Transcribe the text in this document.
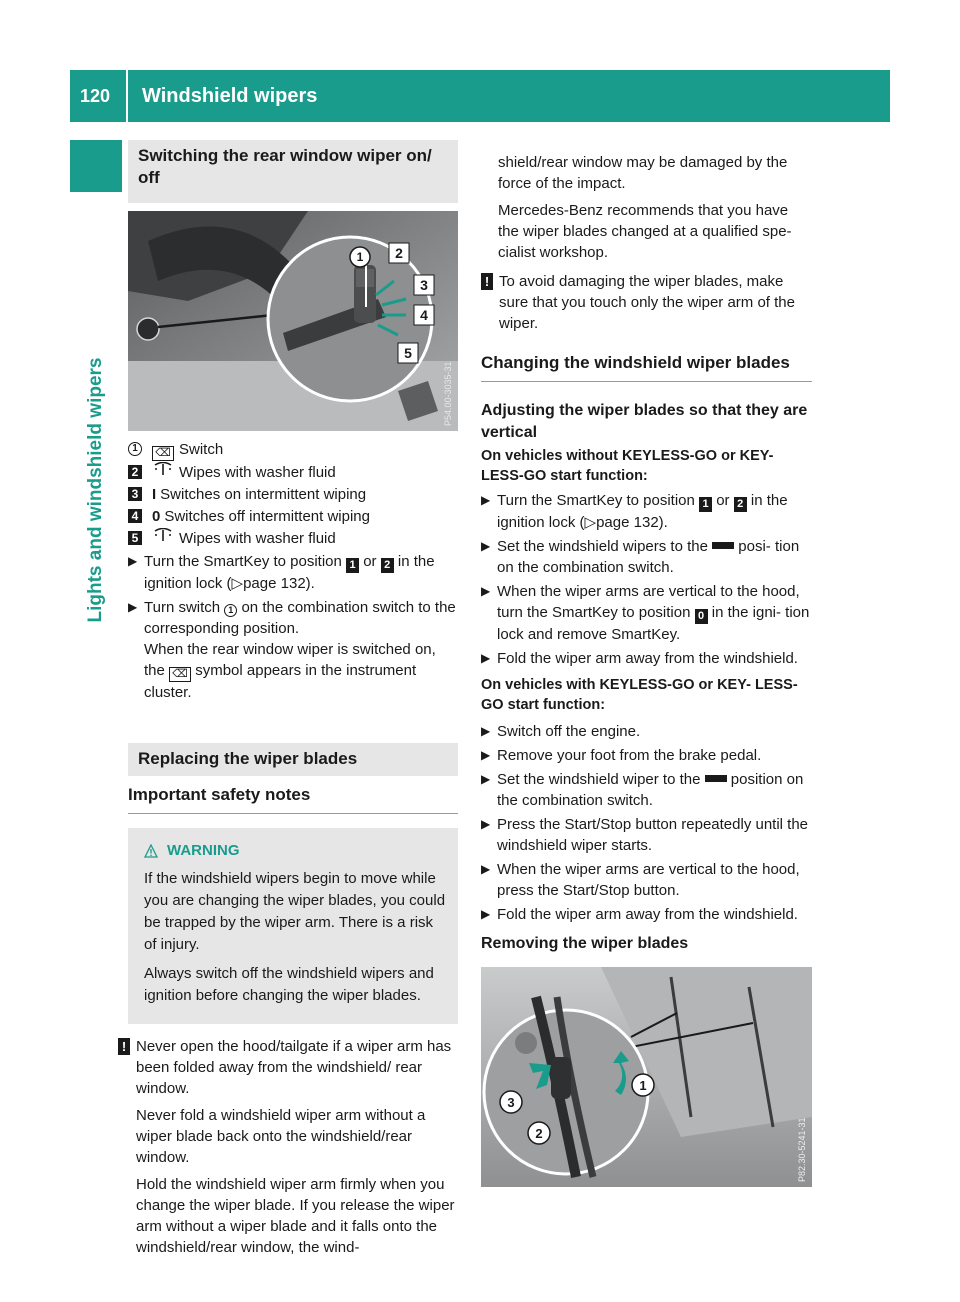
120 Windshield wipers
Lights and windshield wipers
Switching the rear window wiper on/ off
1 2
3
4
5
P54.00-3035-31
1	⌫ Switch
2	Wipes with washer fluid
3 I Switches on intermittent wiping
4 0 Switches off intermittent wiping
5	Wipes with washer fluid
▶ Turn the SmartKey to position 1 or 2 in the ignition lock (▷page 132).
▶ Turn switch 1 on the combination switch to the corresponding position.
When the rear window wiper is switched on, the ⌫ symbol appears in the instrument cluster.
Replacing the wiper blades
Important safety notes
WARNING

If the windshield wipers begin to move while you are changing the wiper blades, you could be trapped by the wiper arm. There is a risk of injury.

Always switch off the windshield wipers and ignition before changing the wiper blades.

! Never open the hood/tailgate if a wiper arm has been folded away from the windshield/ rear window.

Never fold a windshield wiper arm without a wiper blade back onto the windshield/rear window.

Hold the windshield wiper arm firmly when you change the wiper blade. If you release the wiper arm without a wiper blade and it falls onto the windshield/rear window, the wind-

shield/rear window may be damaged by the force of the impact.

Mercedes-Benz recommends that you have the wiper blades changed at a qualified spe- cialist workshop.

! To avoid damaging the wiper blades, make sure that you touch only the wiper arm of the wiper.

Changing the windshield wiper blades
Adjusting the wiper blades so that they are vertical
On vehicles without KEYLESS-GO or KEY- LESS-GO start function:
▶ Turn the SmartKey to position 1 or 2 in the ignition lock (▷page 132).
▶ Set the windshield wipers to the  posi- tion on the combination switch.
▶ When the wiper arms are vertical to the hood, turn the SmartKey to position 0 in the igni- tion lock and remove SmartKey.
▶ Fold the wiper arm away from the windshield.
On vehicles with KEYLESS-GO or KEY- LESS-GO start function:
▶ Switch off the engine.
▶ Remove your foot from the brake pedal.
▶ Set the windshield wiper to the  position on the combination switch.
▶ Press the Start/Stop button repeatedly until the windshield wiper starts.
▶ When the wiper arms are vertical to the hood, press the Start/Stop button.
▶ Fold the wiper arm away from the windshield.
Removing the wiper blades
1
2
3
P82.30-5241-31
